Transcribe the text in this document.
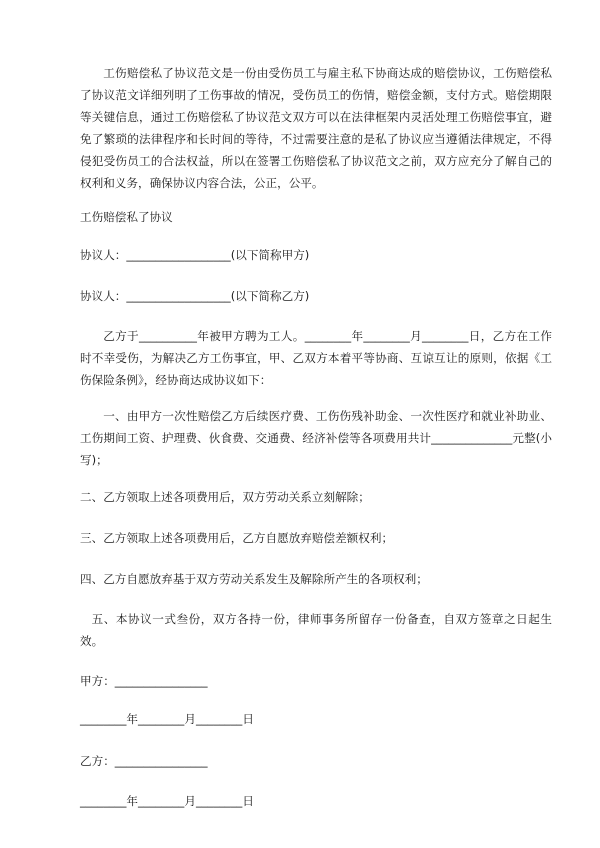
工伤赔偿私了协议范文是一份由受伤员工与雇主私下协商达成的赔偿协议，工伤赔偿私了协议范文详细列明了工伤事故的情况，受伤员工的伤情，赔偿金额，支付方式。赔偿期限等关键信息，通过工伤赔偿私了协议范文双方可以在法律框架内灵活处理工伤赔偿事宜，避免了繁琐的法律程序和长时间的等待，不过需要注意的是私了协议应当遵循法律规定，不得侵犯受伤员工的合法权益，所以在签署工伤赔偿私了协议范文之前，双方应充分了解自己的权利和义务，确保协议内容合法，公正，公平。

工伤赔偿私了协议

协议人：__________________(以下简称甲方)

协议人：__________________(以下简称乙方)

乙方于__________年被甲方聘为工人。________年________月________日，乙方在工作时不幸受伤，为解决乙方工伤事宜，甲、乙双方本着平等协商、互谅互让的原则，依据《工伤保险条例》，经协商达成协议如下：

一、由甲方一次性赔偿乙方后续医疗费、工伤伤残补助金、一次性医疗和就业补助业、工伤期间工资、护理费、伙食费、交通费、经济补偿等各项费用共计______________元整(小写)；

二、乙方领取上述各项费用后，双方劳动关系立刻解除；

三、乙方领取上述各项费用后，乙方自愿放弃赔偿差额权利；

四、乙方自愿放弃基于双方劳动关系发生及解除所产生的各项权利；

五、本协议一式叁份，双方各持一份，律师事务所留存一份备查，自双方签章之日起生效。

甲方：________________

________年________月________日

乙方：________________

________年________月________日
